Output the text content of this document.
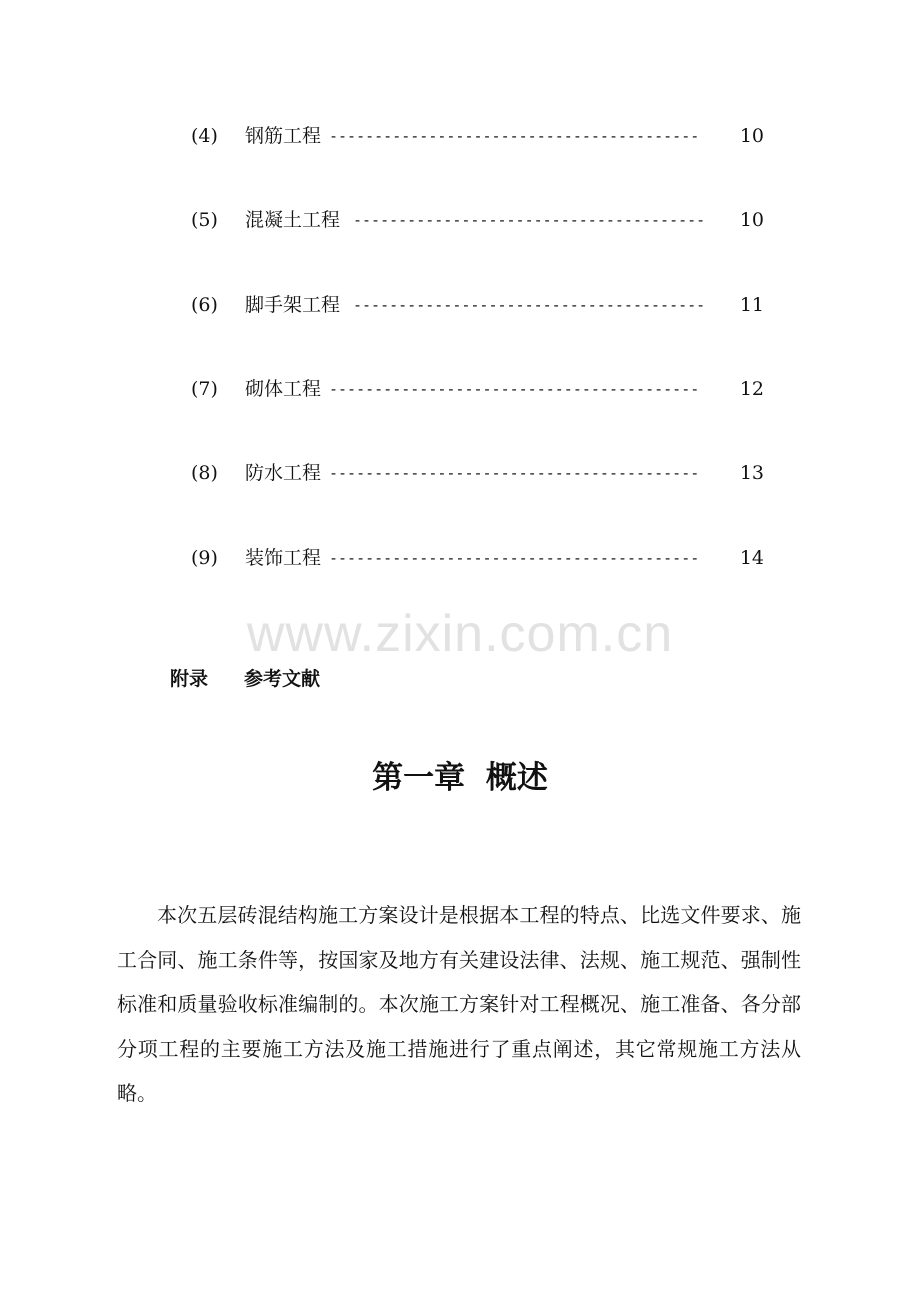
(4) 钢筋工程 ----------------------------------------- 10
(5) 混凝土工程 --------------------------------------- 10
(6) 脚手架工程 --------------------------------------- 11
(7) 砌体工程 ----------------------------------------- 12
(8) 防水工程 ----------------------------------------- 13
(9) 装饰工程 ----------------------------------------- 14
www.zixin.com.cn
附录 参考文献
第一章 概述
本次五层砖混结构施工方案设计是根据本工程的特点、比选文件要求、施工合同、施工条件等，按国家及地方有关建设法律、法规、施工规范、强制性标准和质量验收标准编制的。本次施工方案针对工程概况、施工准备、各分部分项工程的主要施工方法及施工措施进行了重点阐述，其它常规施工方法从略。
